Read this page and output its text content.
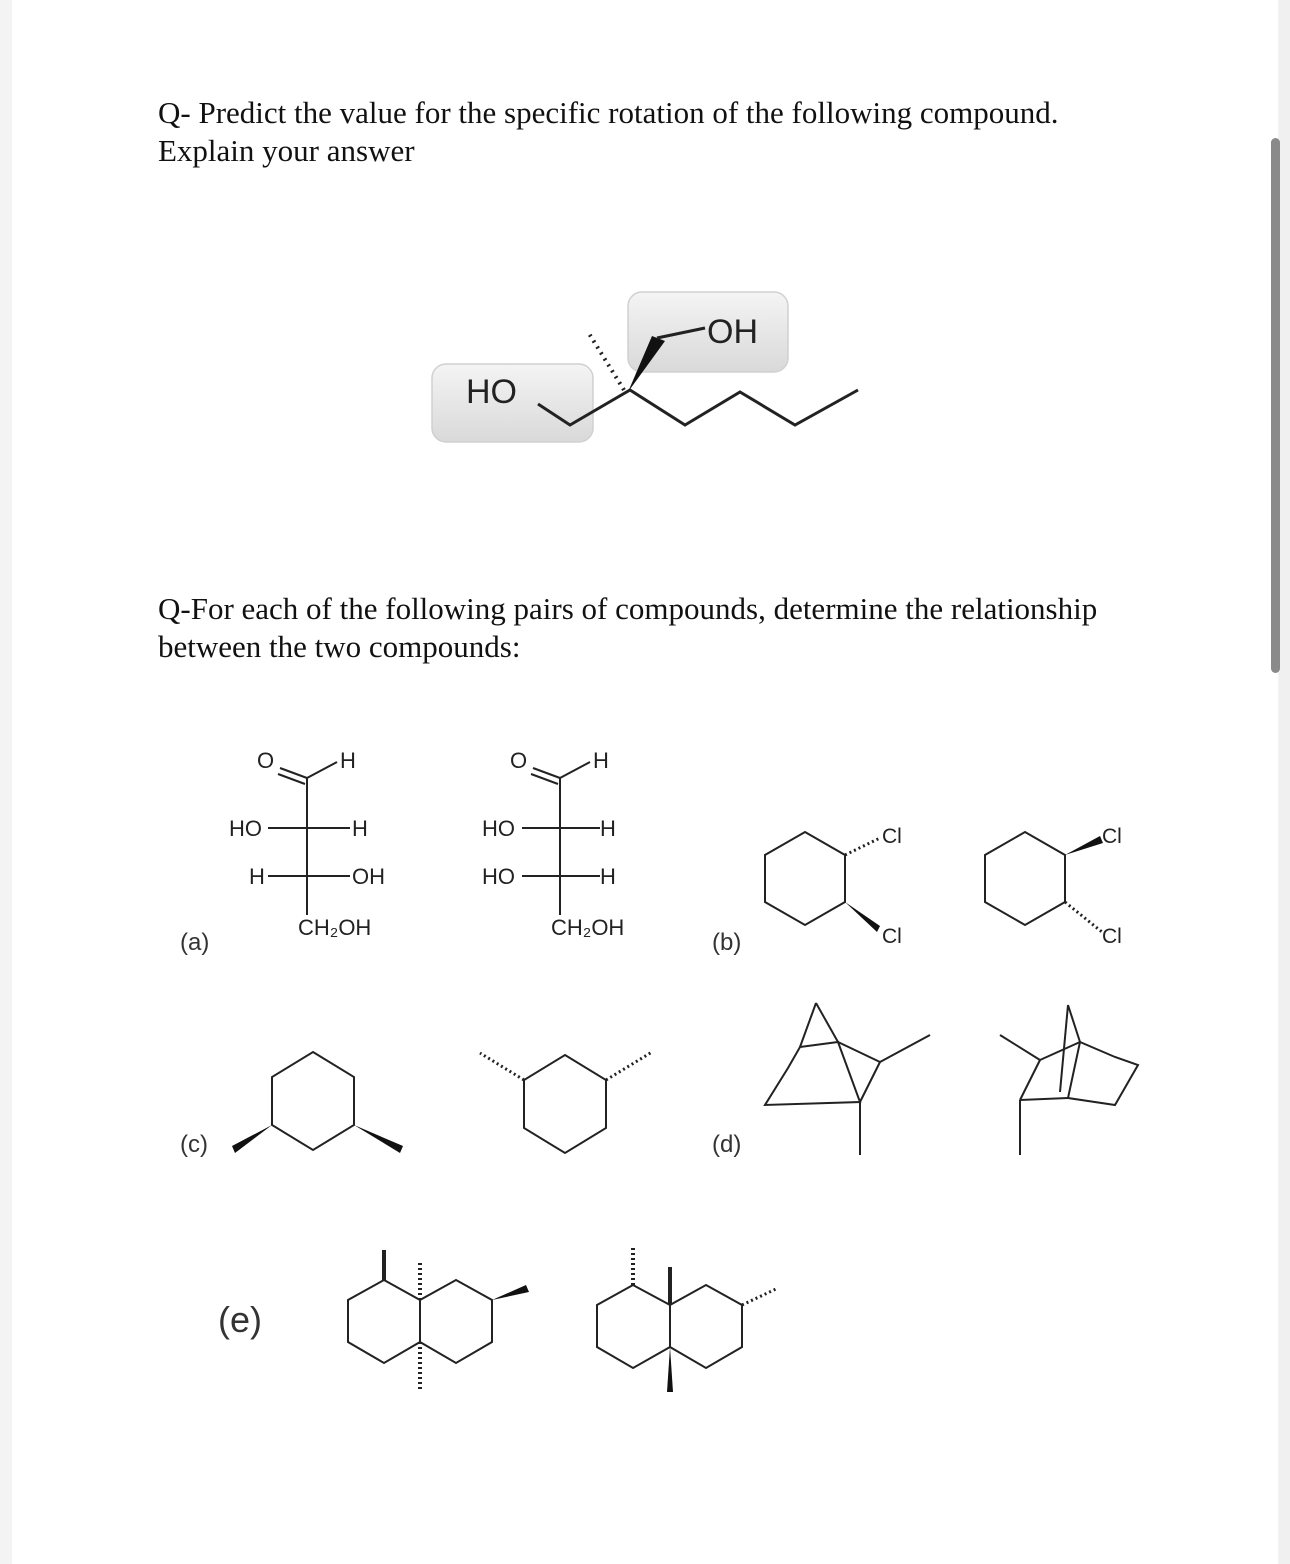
Q- Predict the value for the specific rotation of the following compound.
Explain your answer
Q-For each of the following pairs of compounds, determine the relationship
between the two compounds:
HO
OH
(a)
O	H
HO	H
H	OH
CH₂OH
O	H
HO	H
HO	H
CH₂OH
(b)
Cl
Cl
Cl
Cl
(c)	(d)
(e)
